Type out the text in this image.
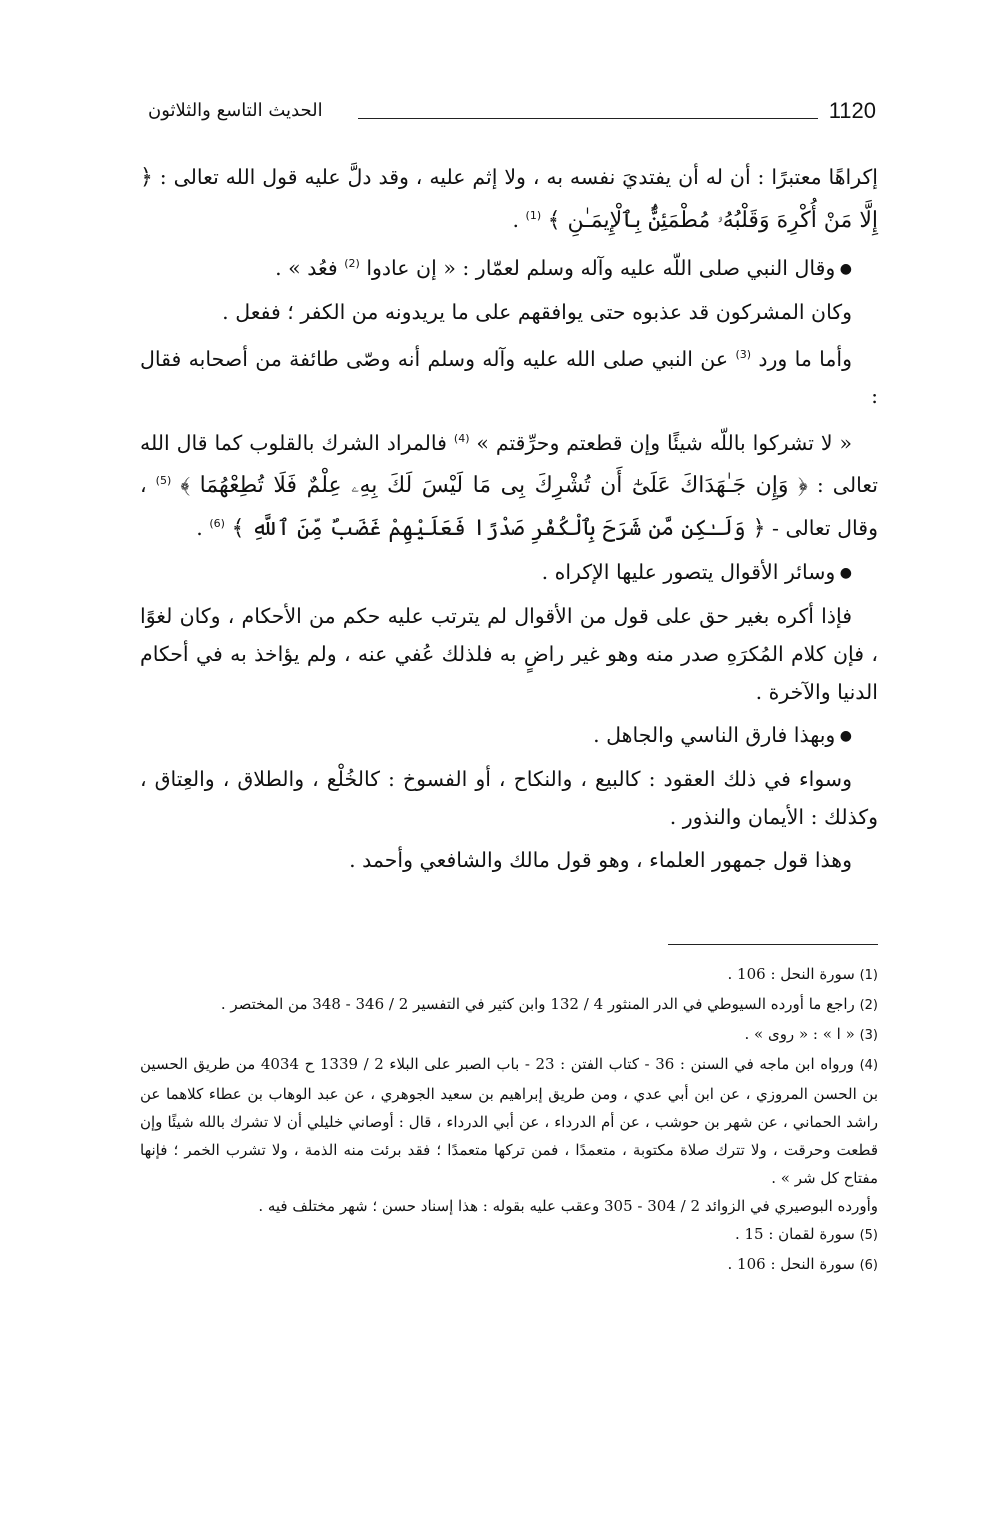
1120
الحديث التاسع والثلاثون

إكراهًا معتبرًا : أن له أن يفتديَ نفسه به ، ولا إثم عليه ، وقد دلَّ عليه قول الله تعالى : ﴿ إِلَّا مَنْ أُكْرِهَ وَقَلْبُهُۥ مُطْمَئِنٌّۢ بِٱلْإِيمَـٰنِ ﴾ $^{(1)}$ .

● وقال النبي صلى اللّه عليه وآله وسلم لعمّار : « إن عادوا $^{(2)}$ فعُد » .

وكان المشركون قد عذبوه حتى يوافقهم على ما يريدونه من الكفر ؛ ففعل .

وأما ما ورد $^{(3)}$ عن النبي صلى الله عليه وآله وسلم أنه وصّى طائفة من أصحابه فقال :

« لا تشركوا باللّه شيئًا وإن قطعتم وحرِّقتم » $^{(4)}$ فالمراد الشرك بالقلوب كما قال الله تعالى : ﴿ وَإِن جَـٰهَدَاكَ عَلَىٰٓ أَن تُشْرِكَ بِى مَا لَيْسَ لَكَ بِهِۦ عِلْمٌ فَلَا تُطِعْهُمَا ﴾ $^{(5)}$ ، وقال تعالى - ﴿ وَلَـٰكِن مَّن شَرَحَ بِٱلْكُفْرِ صَدْرًا فَعَلَيْهِمْ غَضَبٌ مِّنَ ٱللَّهِ ﴾ $^{(6)}$ .

● وسائر الأقوال يتصور عليها الإكراه .

فإذا أكره بغير حق على قول من الأقوال لم يترتب عليه حكم من الأحكام ، وكان لغوًا ، فإن كلام المُكرَهِ صدر منه وهو غير راضٍ به فلذلك عُفي عنه ، ولم يؤاخذ به في أحكام الدنيا والآخرة .

● وبهذا فارق الناسي والجاهل .

وسواء في ذلك العقود : كالبيع ، والنكاح ، أو الفسوخ : كالخُلْع ، والطلاق ، والعِتاق ، وكذلك : الأيمان والنذور .

وهذا قول جمهور العلماء ، وهو قول مالك والشافعي وأحمد .

(1) سورة النحل : 106 .

(2) راجع ما أورده السيوطي في الدر المنثور 4 / 132 وابن كثير في التفسير 2 / 346 - 348 من المختصر .

(3) « ا » : « روى » .

(4) ورواه ابن ماجه في السنن : 36 - كتاب الفتن : 23 - باب الصبر على البلاء 2 / 1339 ح 4034 من طريق الحسين بن الحسن المروزي ، عن ابن أبي عدي ، ومن طريق إبراهيم بن سعيد الجوهري ، عن عبد الوهاب بن عطاء كلاهما عن راشد الحماني ، عن شهر بن حوشب ، عن أم الدرداء ، عن أبي الدرداء ، قال : أوصاني خليلي أن لا تشرك بالله شيئًا وإن قطعت وحرقت ، ولا تترك صلاة مكتوبة ، متعمدًا ، فمن تركها متعمدًا ؛ فقد برئت منه الذمة ، ولا تشرب الخمر ؛ فإنها مفتاح كل شر » .

وأورده البوصيري في الزوائد 2 / 304 - 305 وعقب عليه بقوله : هذا إسناد حسن ؛ شهر مختلف فيه .

(5) سورة لقمان : 15 .

(6) سورة النحل : 106 .
